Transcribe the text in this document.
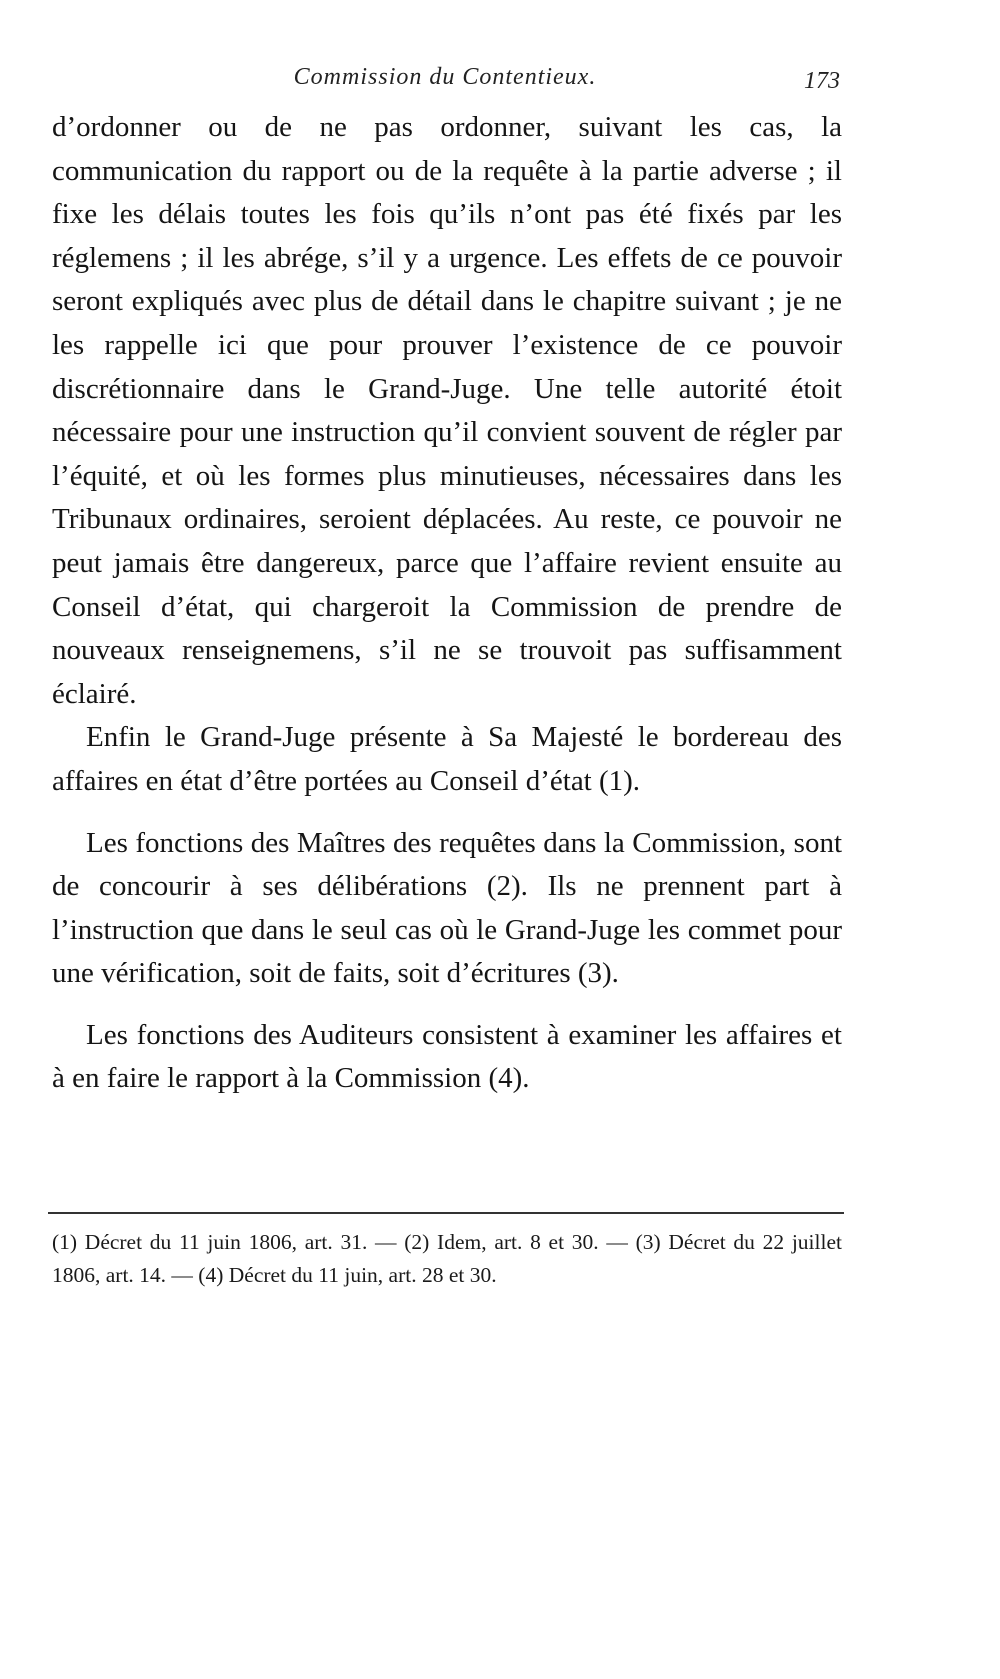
Commission du Contentieux.	173

d’ordonner ou de ne pas ordonner, suivant les cas, la communication du rapport ou de la requête à la partie adverse ; il fixe les délais toutes les fois qu’ils n’ont pas été fixés par les réglemens ; il les abrége, s’il y a urgence. Les effets de ce pouvoir seront expliqués avec plus de détail dans le chapitre suivant ; je ne les rappelle ici que pour prouver l’existence de ce pouvoir discrétionnaire dans le Grand-Juge. Une telle autorité étoit nécessaire pour une instruction qu’il convient souvent de régler par l’équité, et où les formes plus minutieuses, nécessaires dans les Tribunaux ordinaires, seroient déplacées. Au reste, ce pouvoir ne peut jamais être dangereux, parce que l’affaire revient ensuite au Conseil d’état, qui chargeroit la Commission de prendre de nouveaux renseignemens, s’il ne se trouvoit pas suffisamment éclairé.

Enfin le Grand-Juge présente à Sa Majesté le bordereau des affaires en état d’être portées au Conseil d’état (1).

Les fonctions des Maîtres des requêtes dans la Commission, sont de concourir à ses délibérations (2). Ils ne prennent part à l’instruction que dans le seul cas où le Grand-Juge les commet pour une vérification, soit de faits, soit d’écritures (3).

Les fonctions des Auditeurs consistent à examiner les affaires et à en faire le rapport à la Commission (4).

(1) Décret du 11 juin 1806, art. 31. — (2) Idem, art. 8 et 30. — (3) Décret du 22 juillet 1806, art. 14. — (4) Décret du 11 juin, art. 28 et 30.
